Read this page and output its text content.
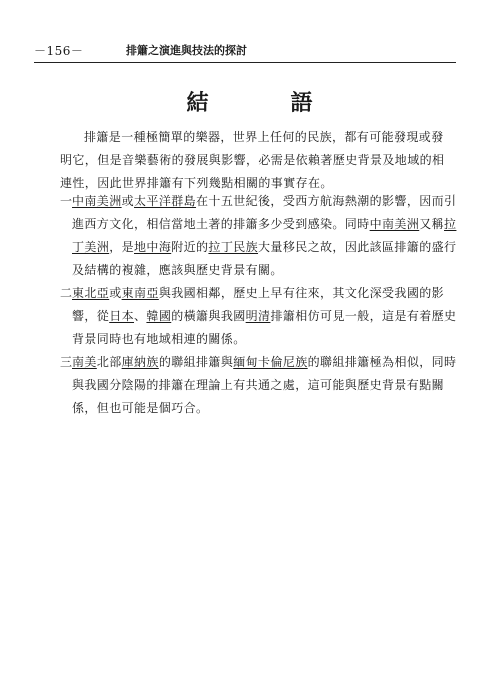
－156－	排簫之演進與技法的探討
結　語

排簫是一種極簡單的樂器，世界上任何的民族，都有可能發現或發明它，但是音樂藝術的發展與影響，必需是依賴著歷史背景及地域的相連性，因此世界排簫有下列幾點相關的事實存在。

一 中南美洲或太平洋群島在十五世紀後，受西方航海熱潮的影響，因而引進西方文化，相信當地土著的排簫多少受到感染。同時中南美洲又稱拉丁美洲，是地中海附近的拉丁民族大量移民之故，因此該區排簫的盛行及結構的複雜，應該與歷史背景有關。
二 東北亞或東南亞與我國相鄰，歷史上早有往來，其文化深受我國的影響，從日本、韓國的橫簫與我國明清排簫相仿可見一般，這是有着歷史背景同時也有地域相連的關係。
三 南美北部庫納族的聯組排簫與緬甸卡倫尼族的聯組排簫極為相似，同時與我國分陰陽的排簫在理論上有共通之處，這可能與歷史背景有點關係，但也可能是個巧合。
